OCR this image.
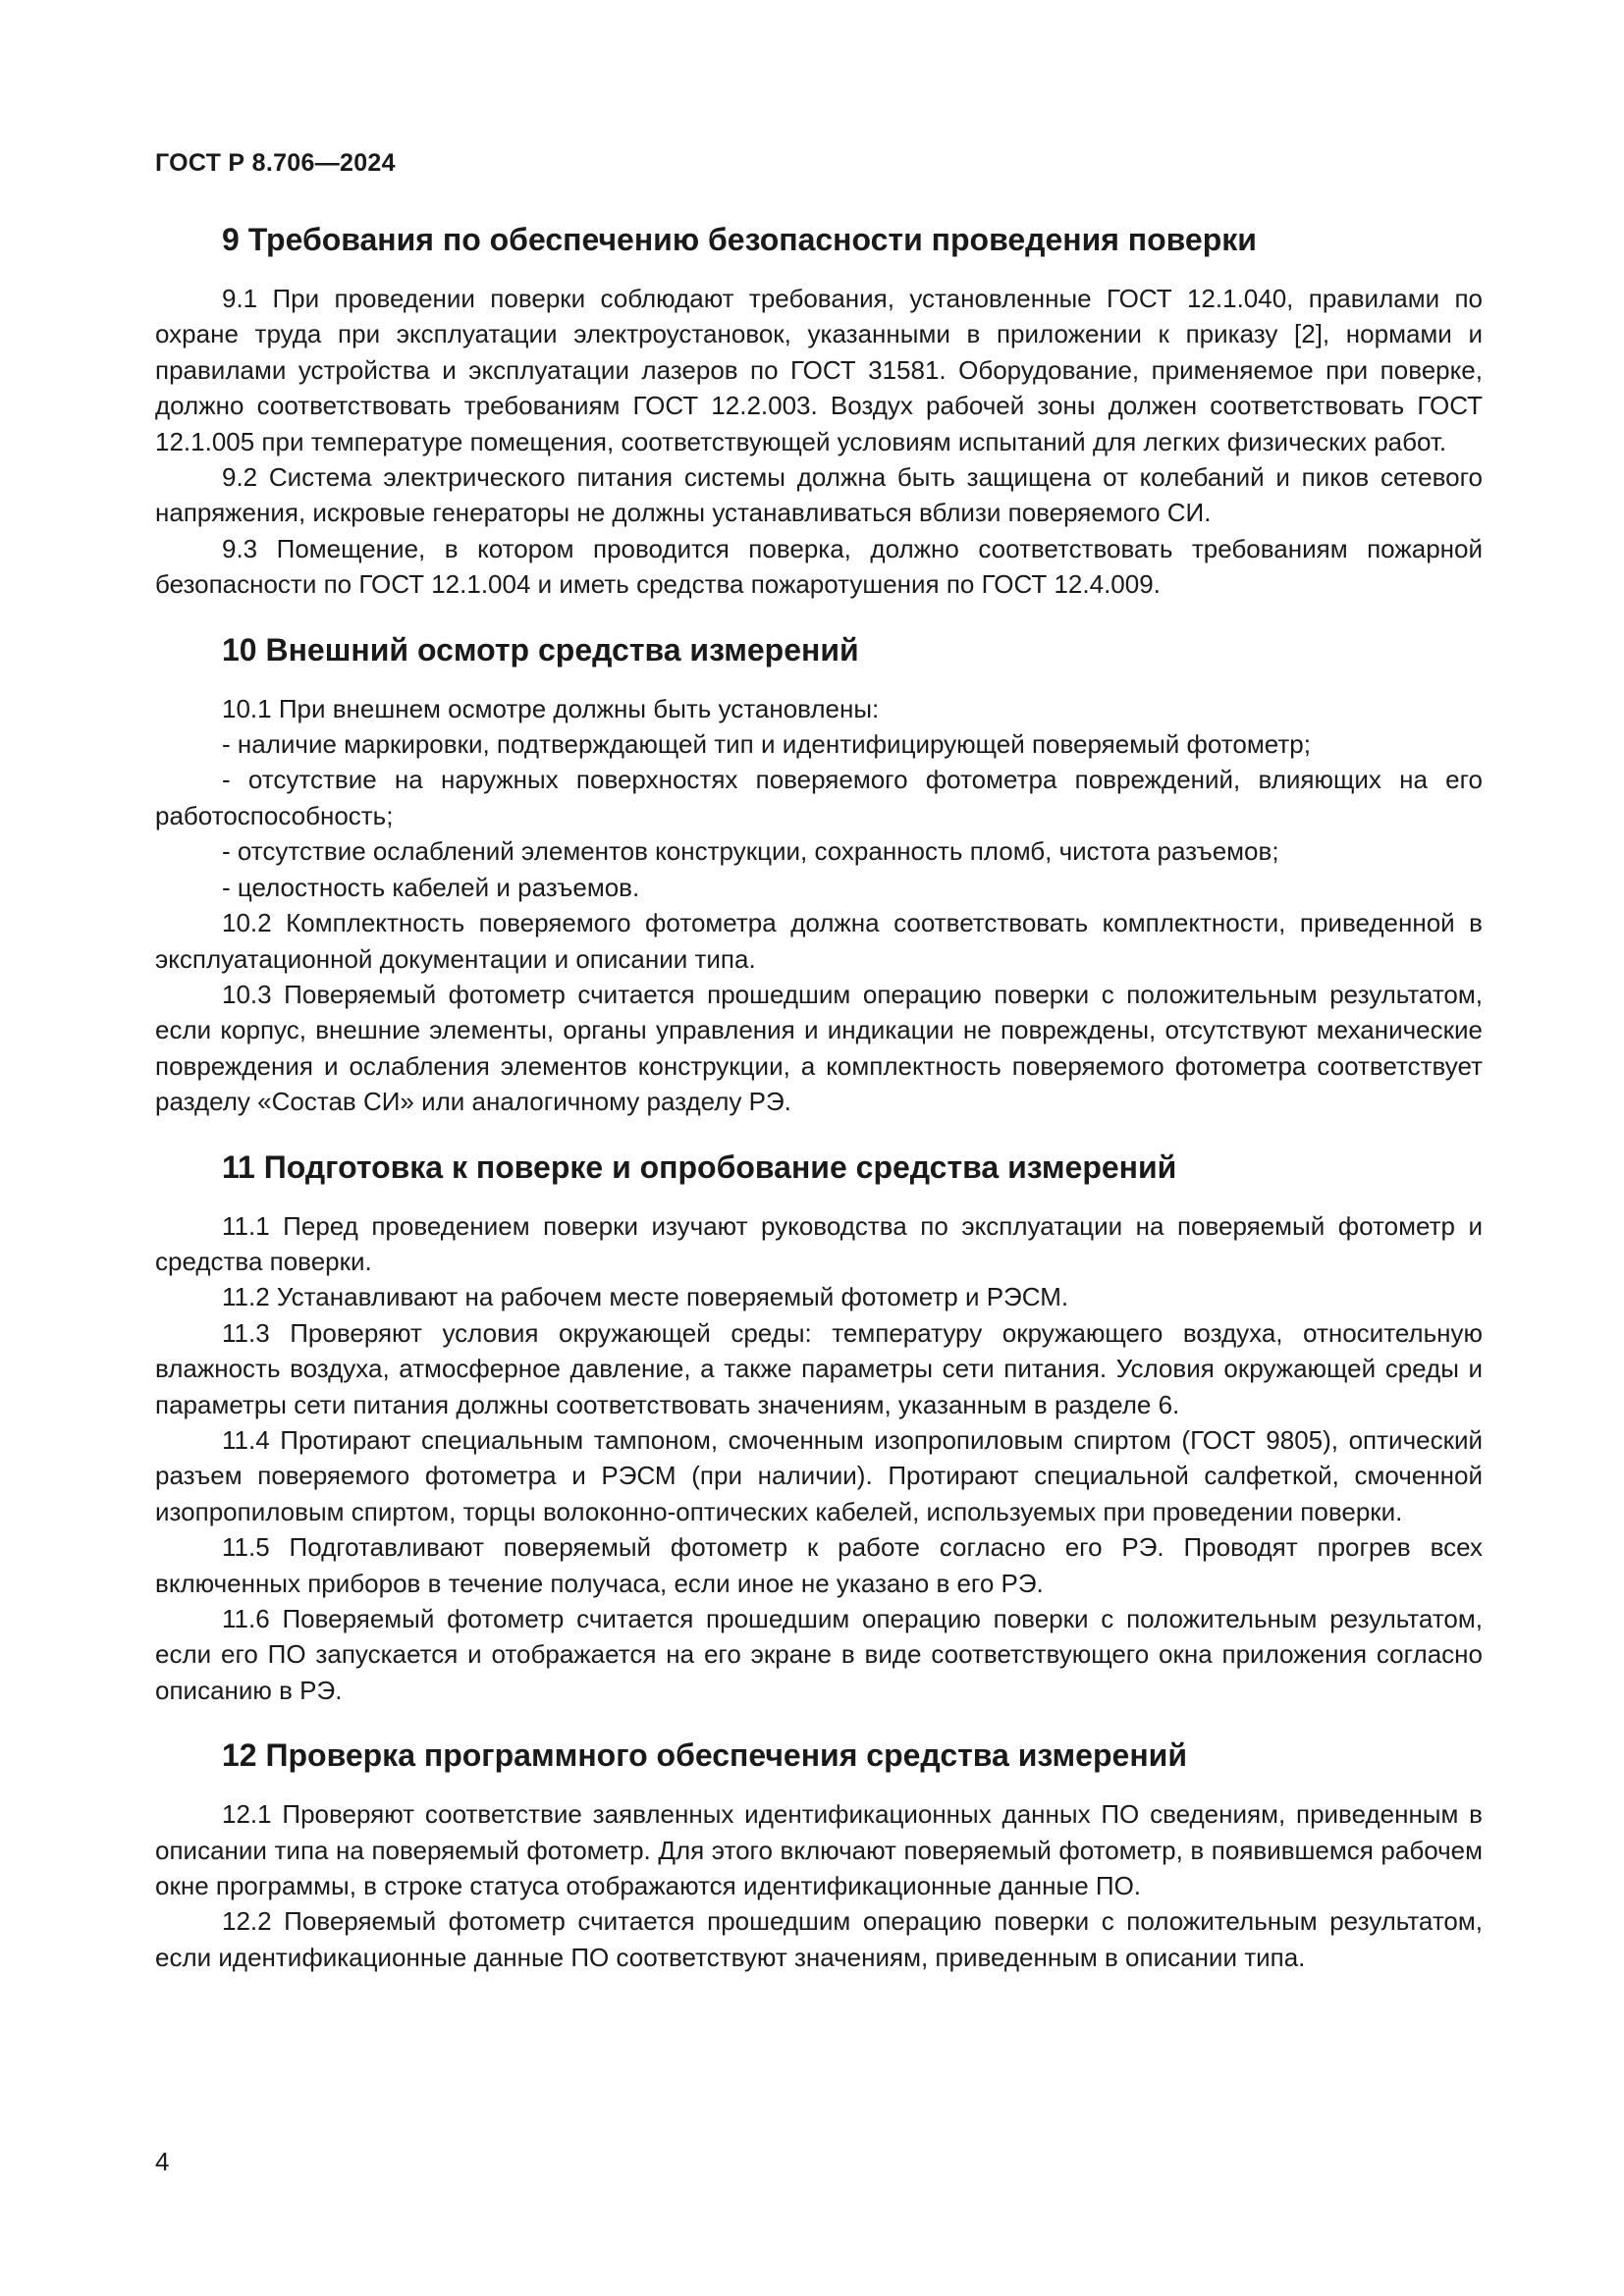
ГОСТ Р 8.706—2024
9 Требования по обеспечению безопасности проведения поверки

9.1 При проведении поверки соблюдают требования, установленные ГОСТ 12.1.040, правилами по охране труда при эксплуатации электроустановок, указанными в приложении к приказу [2], нормами и правилами устройства и эксплуатации лазеров по ГОСТ 31581. Оборудование, применяемое при поверке, должно соответствовать требованиям ГОСТ 12.2.003. Воздух рабочей зоны должен соответствовать ГОСТ 12.1.005 при температуре помещения, соответствующей условиям испытаний для легких физических работ.

9.2 Система электрического питания системы должна быть защищена от колебаний и пиков сетевого напряжения, искровые генераторы не должны устанавливаться вблизи поверяемого СИ.

9.3 Помещение, в котором проводится поверка, должно соответствовать требованиям пожарной безопасности по ГОСТ 12.1.004 и иметь средства пожаротушения по ГОСТ 12.4.009.

10 Внешний осмотр средства измерений

10.1 При внешнем осмотре должны быть установлены:

- наличие маркировки, подтверждающей тип и идентифицирующей поверяемый фотометр;

- отсутствие на наружных поверхностях поверяемого фотометра повреждений, влияющих на его работоспособность;

- отсутствие ослаблений элементов конструкции, сохранность пломб, чистота разъемов;

- целостность кабелей и разъемов.

10.2 Комплектность поверяемого фотометра должна соответствовать комплектности, приведенной в эксплуатационной документации и описании типа.

10.3 Поверяемый фотометр считается прошедшим операцию поверки с положительным результатом, если корпус, внешние элементы, органы управления и индикации не повреждены, отсутствуют механические повреждения и ослабления элементов конструкции, а комплектность поверяемого фотометра соответствует разделу «Состав СИ» или аналогичному разделу РЭ.

11 Подготовка к поверке и опробование средства измерений

11.1 Перед проведением поверки изучают руководства по эксплуатации на поверяемый фотометр и средства поверки.

11.2 Устанавливают на рабочем месте поверяемый фотометр и РЭСМ.

11.3 Проверяют условия окружающей среды: температуру окружающего воздуха, относительную влажность воздуха, атмосферное давление, а также параметры сети питания. Условия окружающей среды и параметры сети питания должны соответствовать значениям, указанным в разделе 6.

11.4 Протирают специальным тампоном, смоченным изопропиловым спиртом (ГОСТ 9805), оптический разъем поверяемого фотометра и РЭСМ (при наличии). Протирают специальной салфеткой, смоченной изопропиловым спиртом, торцы волоконно-оптических кабелей, используемых при проведении поверки.

11.5 Подготавливают поверяемый фотометр к работе согласно его РЭ. Проводят прогрев всех включенных приборов в течение получаса, если иное не указано в его РЭ.

11.6 Поверяемый фотометр считается прошедшим операцию поверки с положительным результатом, если его ПО запускается и отображается на его экране в виде соответствующего окна приложения согласно описанию в РЭ.

12 Проверка программного обеспечения средства измерений

12.1 Проверяют соответствие заявленных идентификационных данных ПО сведениям, приведенным в описании типа на поверяемый фотометр. Для этого включают поверяемый фотометр, в появившемся рабочем окне программы, в строке статуса отображаются идентификационные данные ПО.

12.2 Поверяемый фотометр считается прошедшим операцию поверки с положительным результатом, если идентификационные данные ПО соответствуют значениям, приведенным в описании типа.

4
